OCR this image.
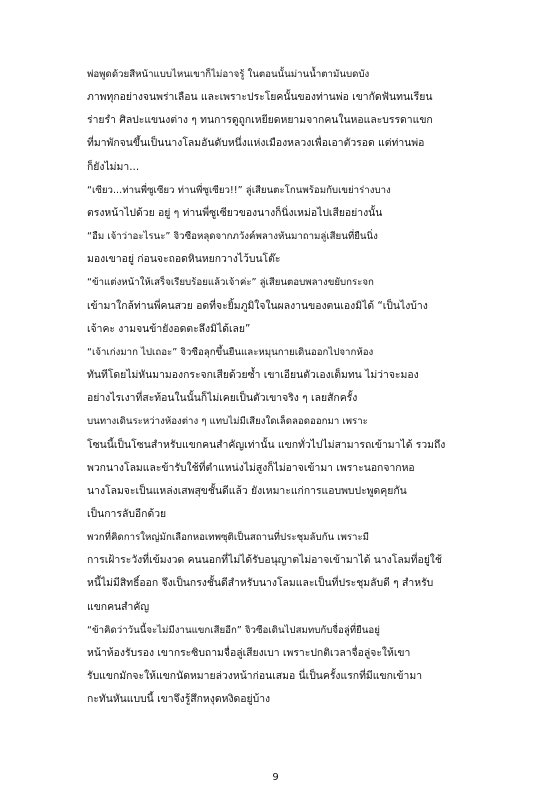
พ่อพูดด้วยสีหน้าแบบไหนเขาก็ไม่อาจรู้ ในตอนนั้นม่านน้ำตามันบดบัง
ภาพทุกอย่างจนพร่าเลือน และเพราะประโยคนั้นของท่านพ่อ เขากัดฟันทนเรียน
ร่ายรำ ศิลปะแขนงต่าง ๆ ทนการดูถูกเหยียดหยามจากคนในหอและบรรดาแขก
ที่มาพักจนขึ้นเป็นนางโลมอันดับหนึ่งแห่งเมืองหลวงเพื่อเอาตัวรอด แต่ท่านพ่อ
ก็ยังไม่มา...

“เซียว...ท่านพี่ซูเซียว ท่านพี่ซูเซียว!!” ลู่เสียนตะโกนพร้อมกับเขย่าร่างบาง
ตรงหน้าไปด้วย อยู่ ๆ ท่านพี่ซูเซียวของนางก็นิ่งเหม่อไปเสียอย่างนั้น

“อืม เจ้าว่าอะไรนะ” จิวซือหลุดจากภวังค์พลางหันมาถามลู่เสียนที่ยืนนิ่ง
มองเขาอยู่ ก่อนจะถอดหินหยกวางไว้บนโต๊ะ

“ข้าแต่งหน้าให้เสร็จเรียบร้อยแล้วเจ้าค่ะ” ลู่เสียนตอบพลางขยับกระจก
เข้ามาใกล้ท่านพี่คนสวย อดที่จะยิ้มภูมิใจในผลงานของตนเองมิได้ “เป็นไงบ้าง
เจ้าคะ งามจนข้ายังอดตะลึงมิได้เลย”

“เจ้าเก่งมาก ไปเถอะ” จิวซือลุกขึ้นยืนและหมุนกายเดินออกไปจากห้อง
ทันทีโดยไม่หันมามองกระจกเสียด้วยซ้ำ เขาเอียนตัวเองเต็มทน ไม่ว่าจะมอง
อย่างไรเงาที่สะท้อนในนั้นก็ไม่เคยเป็นตัวเขาจริง ๆ เลยสักครั้ง

บนทางเดินระหว่างห้องต่าง ๆ แทบไม่มีเสียงใดเล็ดลอดออกมา เพราะ
โซนนี้เป็นโซนสำหรับแขกคนสำคัญเท่านั้น แขกทั่วไปไม่สามารถเข้ามาได้ รวมถึง
พวกนางโลมและข้ารับใช้ที่ตำแหน่งไม่สูงก็ไม่อาจเข้ามา เพราะนอกจากหอ
นางโลมจะเป็นแหล่งเสพสุขชั้นดีแล้ว ยังเหมาะแก่การแอบพบปะพูดคุยกัน
เป็นการลับอีกด้วย

พวกที่คิดการใหญ่มักเลือกหอเทพซุติเป็นสถานที่ประชุมลับกัน เพราะมี
การเฝ้าระวังที่เข้มงวด คนนอกที่ไม่ได้รับอนุญาตไม่อาจเข้ามาได้ นางโลมที่อยู่ใช้
หนี้ไม่มีสิทธิ์ออก จึงเป็นกรงชั้นดีสำหรับนางโลมและเป็นที่ประชุมลับดี ๆ สำหรับ
แขกคนสำคัญ

“ข้าคิดว่าวันนี้จะไม่มีงานแขกเสียอีก” จิวซือเดินไปสมทบกับจื่อลู่ที่ยืนอยู่
หน้าห้องรับรอง เขากระซิบถามจื่อลู่เสียงเบา เพราะปกติเวลาจื่อลู่จะให้เขา
รับแขกมักจะให้แขกนัดหมายล่วงหน้าก่อนเสมอ นี่เป็นครั้งแรกที่มีแขกเข้ามา
กะทันหันแบบนี้ เขาจึงรู้สึกหงุดหงิดอยู่บ้าง

9
